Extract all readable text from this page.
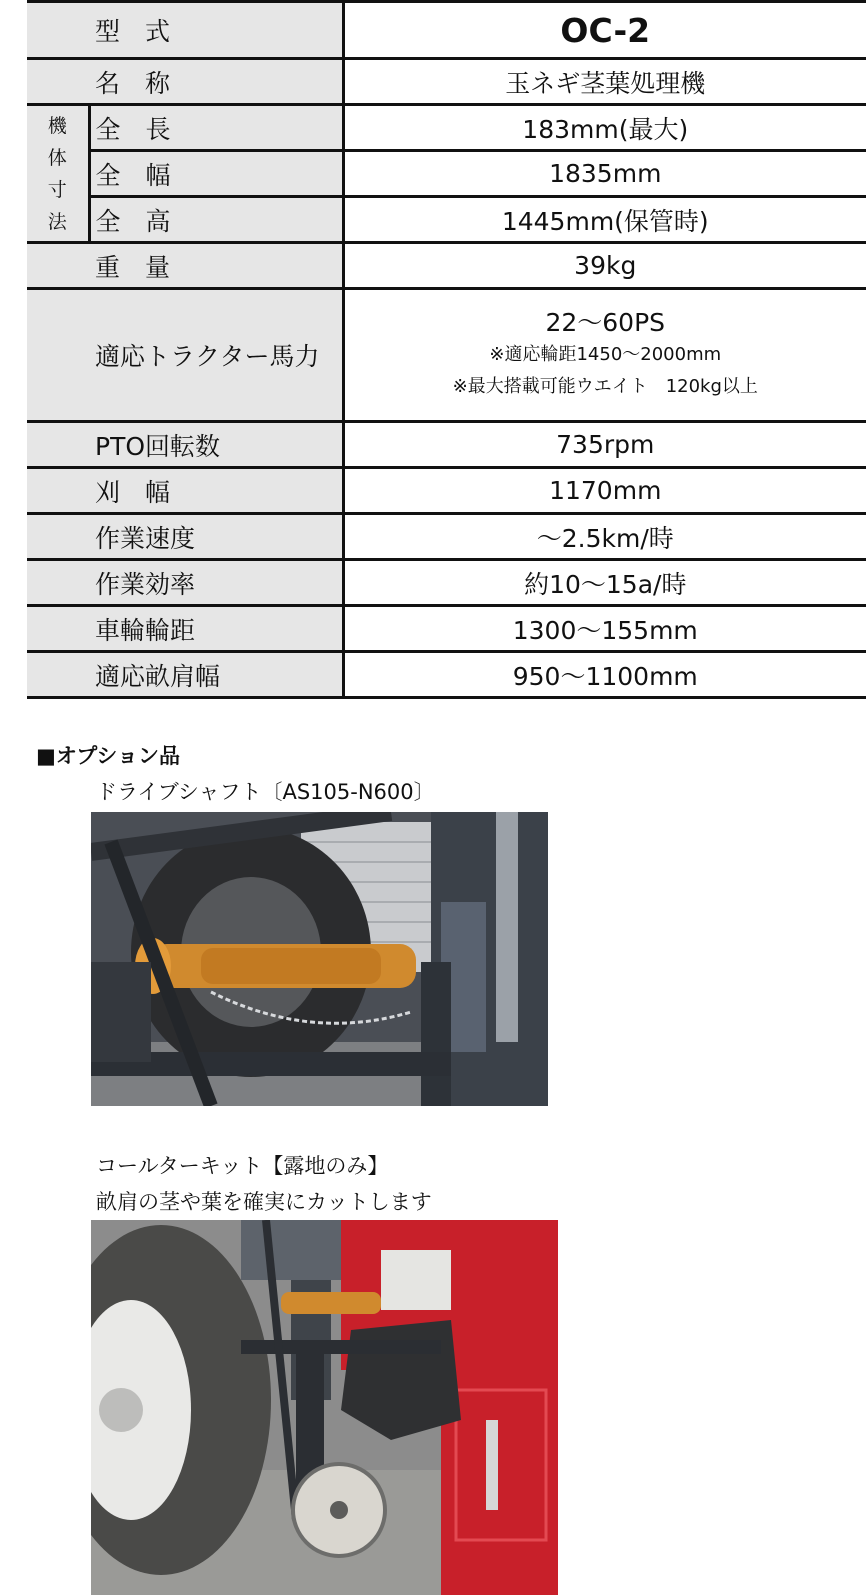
型　式		OC-2
名　称		玉ネギ茎葉処理機

機
体
寸
法	全　長	183mm(最大)
	全　幅	1835mm
	全　高	1445mm(保管時)
重　量		39kg
適応トラクター馬力		22～60PS
※適応輪距1450～2000mm
※最大搭載可能ウエイト　120kg以上

PTO回転数		735rpm
刈　幅		1170mm
作業速度		～2.5km/時
作業効率		約10～15a/時
車輪輪距		1300～155mm
適応畝肩幅		950～1100mm
■オプション品
ドライブシャフト〔AS105-N600〕
コールターキット【露地のみ】
畝肩の茎や葉を確実にカットします
